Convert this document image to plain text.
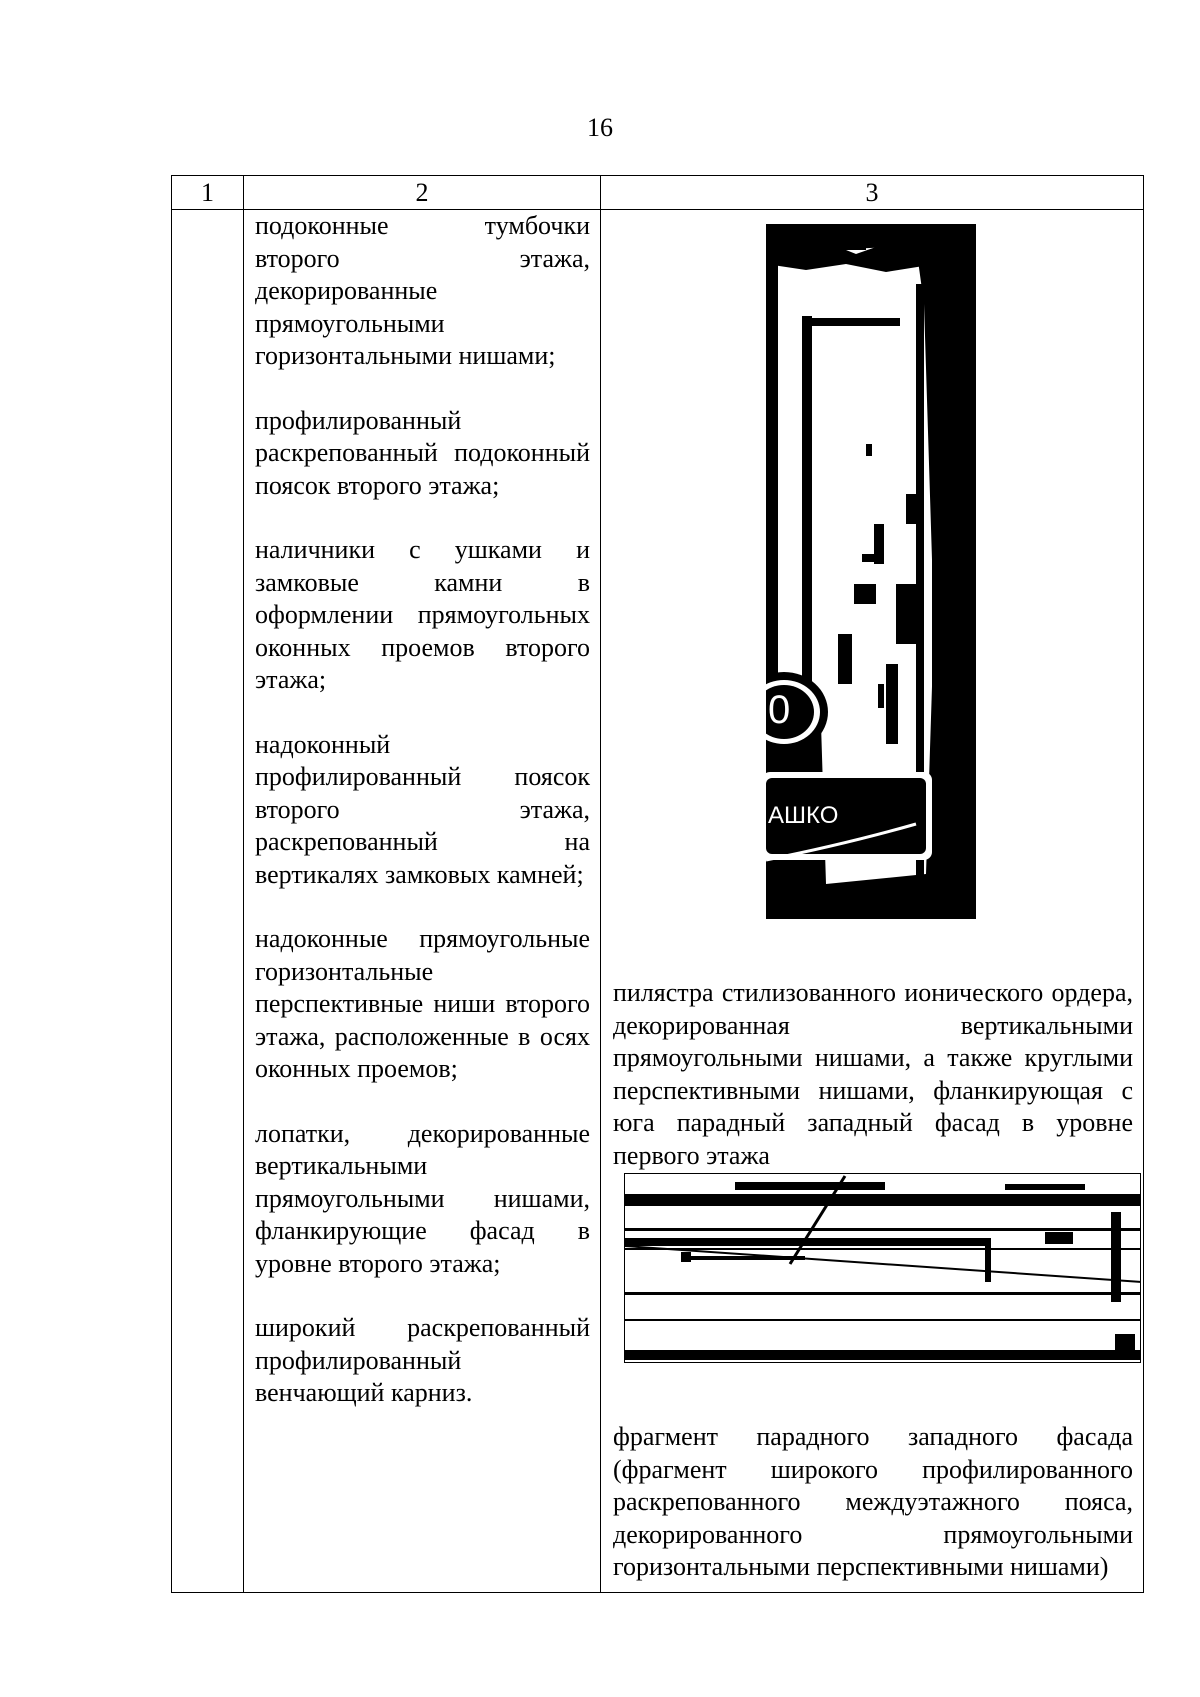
16
1	2	3

подоконные тумбочки второго этажа, декорированные прямоугольными горизонтальными нишами;

профилированный раскрепованный подоконный поясок второго этажа;

наличники с ушками и замковые камни в оформлении прямоугольных оконных проемов второго этажа;

надоконный профилированный поясок второго этажа, раскрепованный на вертикалях замковых камней;

надоконные прямоугольные горизонтальные перспективные ниши второго этажа, расположенные в осях оконных проемов;

лопатки, декорированные вертикальными прямоугольными нишами, фланкирующие фасад в уровне второго этажа;

широкий раскрепованный профилированный венчающий карниз.

0
АШКО

пилястра стилизованного ионического ордера, декорированная вертикальными прямоугольными нишами, а также круглыми перспективными нишами, фланкирующая с юга парадный западный фасад в уровне первого этажа

фрагмент парадного западного фасада (фрагмент широкого профилированного раскрепованного междуэтажного пояса, декорированного прямоугольными горизонтальными перспективными нишами)
